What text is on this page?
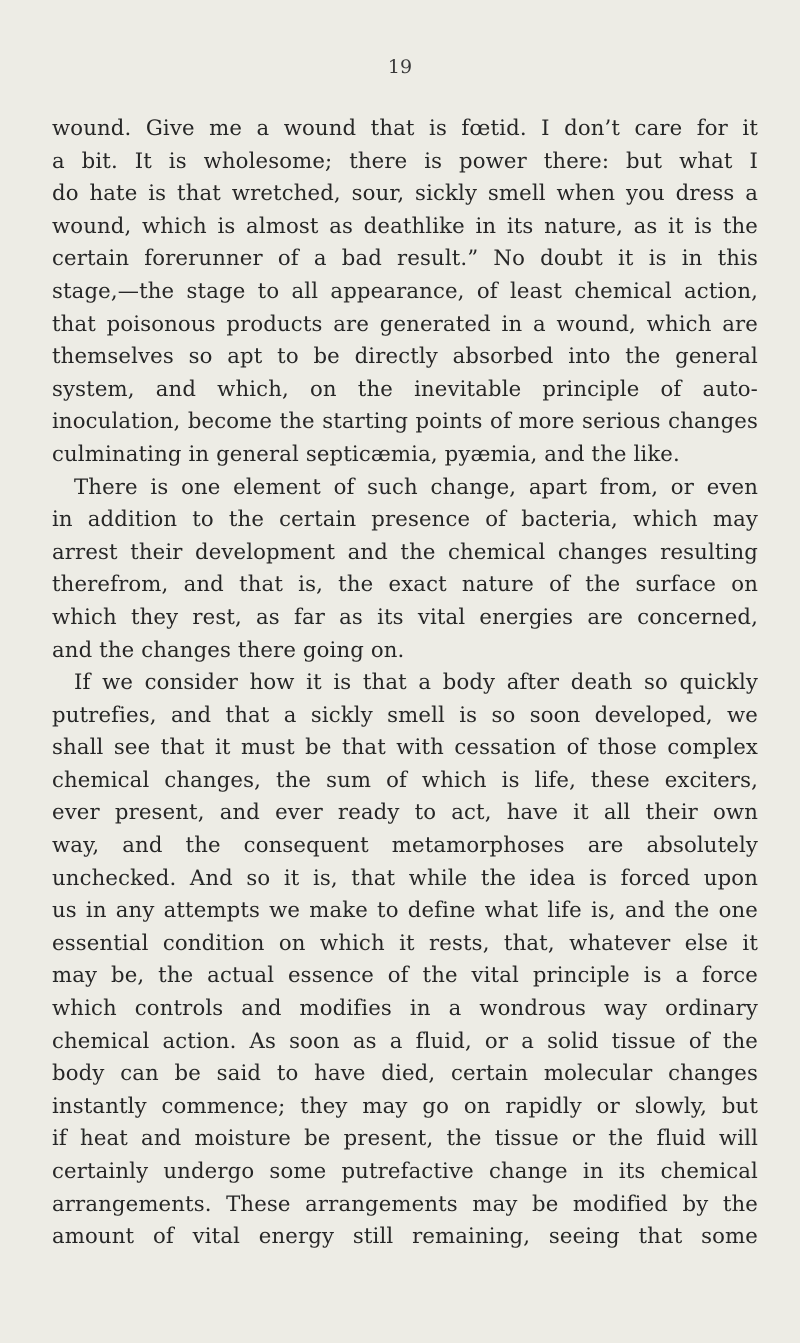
19
wound. Give me a wound that is fœtid. I don’t care for it
a bit. It is wholesome; there is power there: but what I
do hate is that wretched, sour, sickly smell when you dress a
wound, which is almost as deathlike in its nature, as it is the
certain forerunner of a bad result.” No doubt it is in this
stage,—the stage to all appearance, of least chemical action,
that poisonous products are generated in a wound, which are
themselves so apt to be directly absorbed into the general
system, and which, on the inevitable principle of auto-
inoculation, become the starting points of more serious changes
culminating in general septicæmia, pyæmia, and the like.
There is one element of such change, apart from, or even
in addition to the certain presence of bacteria, which may
arrest their development and the chemical changes resulting
therefrom, and that is, the exact nature of the surface on
which they rest, as far as its vital energies are concerned,
and the changes there going on.
If we consider how it is that a body after death so quickly
putrefies, and that a sickly smell is so soon developed, we
shall see that it must be that with cessation of those complex
chemical changes, the sum of which is life, these exciters,
ever present, and ever ready to act, have it all their own
way, and the consequent metamorphoses are absolutely
unchecked. And so it is, that while the idea is forced upon
us in any attempts we make to define what life is, and the one
essential condition on which it rests, that, whatever else it
may be, the actual essence of the vital principle is a force
which controls and modifies in a wondrous way ordinary
chemical action. As soon as a fluid, or a solid tissue of the
body can be said to have died, certain molecular changes
instantly commence; they may go on rapidly or slowly, but
if heat and moisture be present, the tissue or the fluid will
certainly undergo some putrefactive change in its chemical
arrangements. These arrangements may be modified by the
amount of vital energy still remaining, seeing that some
